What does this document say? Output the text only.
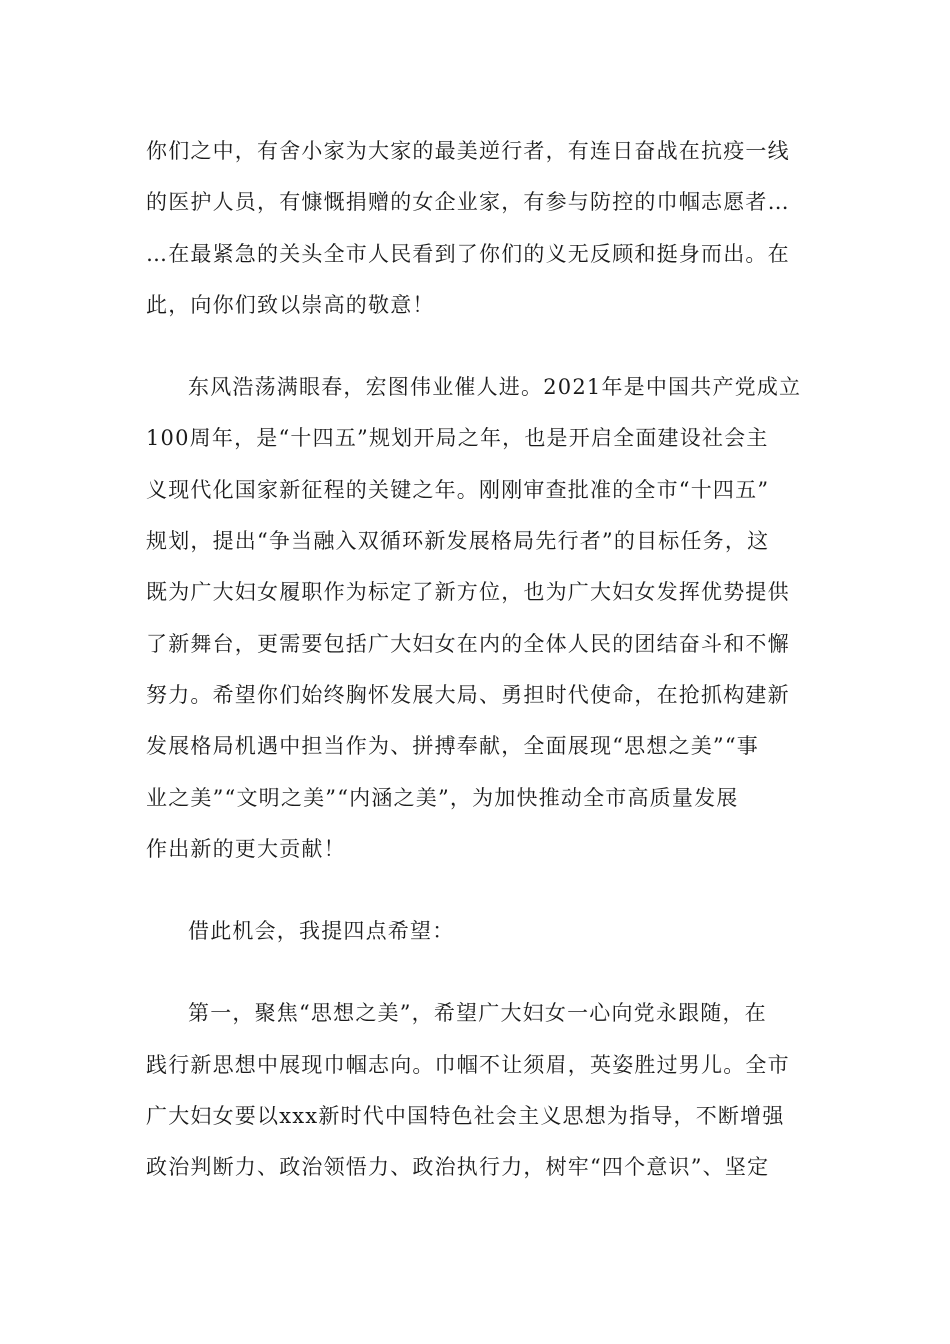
你们之中，有舍小家为大家的最美逆行者，有连日奋战在抗疫一线
的医护人员，有慷慨捐赠的女企业家，有参与防控的巾帼志愿者…
…在最紧急的关头全市人民看到了你们的义无反顾和挺身而出。在
此，向你们致以崇高的敬意！
东风浩荡满眼春，宏图伟业催人进。2021年是中国共产党成立
100周年，是“十四五”规划开局之年，也是开启全面建设社会主
义现代化国家新征程的关键之年。刚刚审查批准的全市“十四五”
规划，提出“争当融入双循环新发展格局先行者”的目标任务，这
既为广大妇女履职作为标定了新方位，也为广大妇女发挥优势提供
了新舞台，更需要包括广大妇女在内的全体人民的团结奋斗和不懈
努力。希望你们始终胸怀发展大局、勇担时代使命，在抢抓构建新
发展格局机遇中担当作为、拼搏奉献，全面展现“思想之美”“事
业之美”“文明之美”“内涵之美”，为加快推动全市高质量发展
作出新的更大贡献！
借此机会，我提四点希望：
第一，聚焦“思想之美”，希望广大妇女一心向党永跟随，在
践行新思想中展现巾帼志向。巾帼不让须眉，英姿胜过男儿。全市
广大妇女要以xxx新时代中国特色社会主义思想为指导，不断增强
政治判断力、政治领悟力、政治执行力，树牢“四个意识”、坚定
